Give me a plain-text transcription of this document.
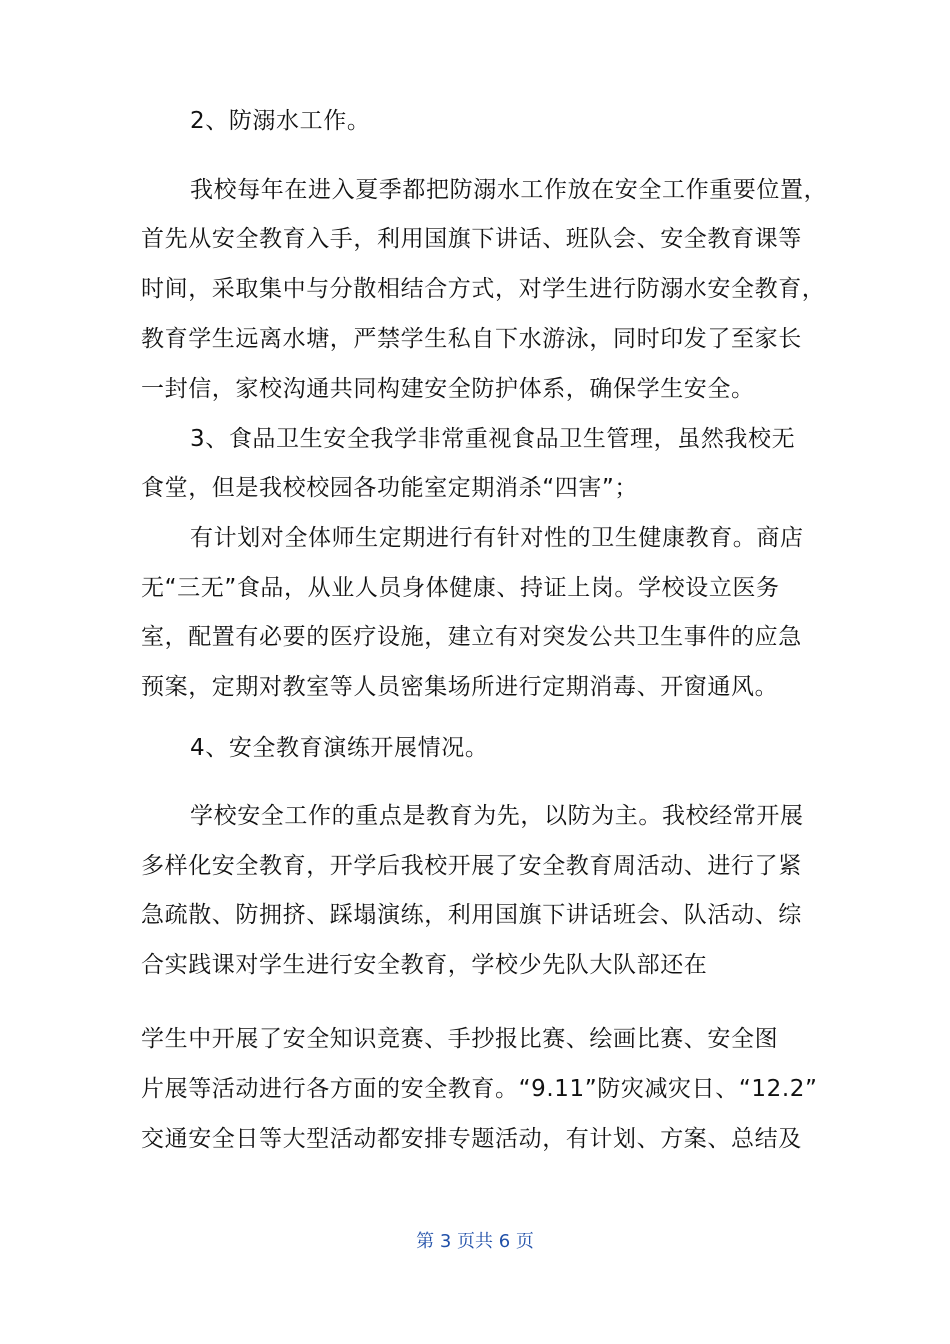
2、防溺水工作。
我校每年在进入夏季都把防溺水工作放在安全工作重要位置，
首先从安全教育入手，利用国旗下讲话、班队会、安全教育课等
时间，采取集中与分散相结合方式，对学生进行防溺水安全教育，
教育学生远离水塘，严禁学生私自下水游泳，同时印发了至家长
一封信，家校沟通共同构建安全防护体系，确保学生安全。
3、食品卫生安全我学非常重视食品卫生管理，虽然我校无
食堂，但是我校校园各功能室定期消杀“四害”；
有计划对全体师生定期进行有针对性的卫生健康教育。商店
无“三无”食品，从业人员身体健康、持证上岗。学校设立医务
室，配置有必要的医疗设施，建立有对突发公共卫生事件的应急
预案，定期对教室等人员密集场所进行定期消毒、开窗通风。
4、安全教育演练开展情况。
学校安全工作的重点是教育为先，以防为主。我校经常开展
多样化安全教育，开学后我校开展了安全教育周活动、进行了紧
急疏散、防拥挤、踩塌演练，利用国旗下讲话班会、队活动、综
合实践课对学生进行安全教育，学校少先队大队部还在
学生中开展了安全知识竞赛、手抄报比赛、绘画比赛、安全图
片展等活动进行各方面的安全教育。“9.11”防灾减灾日、“12.2”
交通安全日等大型活动都安排专题活动，有计划、方案、总结及
第 3 页共 6 页
